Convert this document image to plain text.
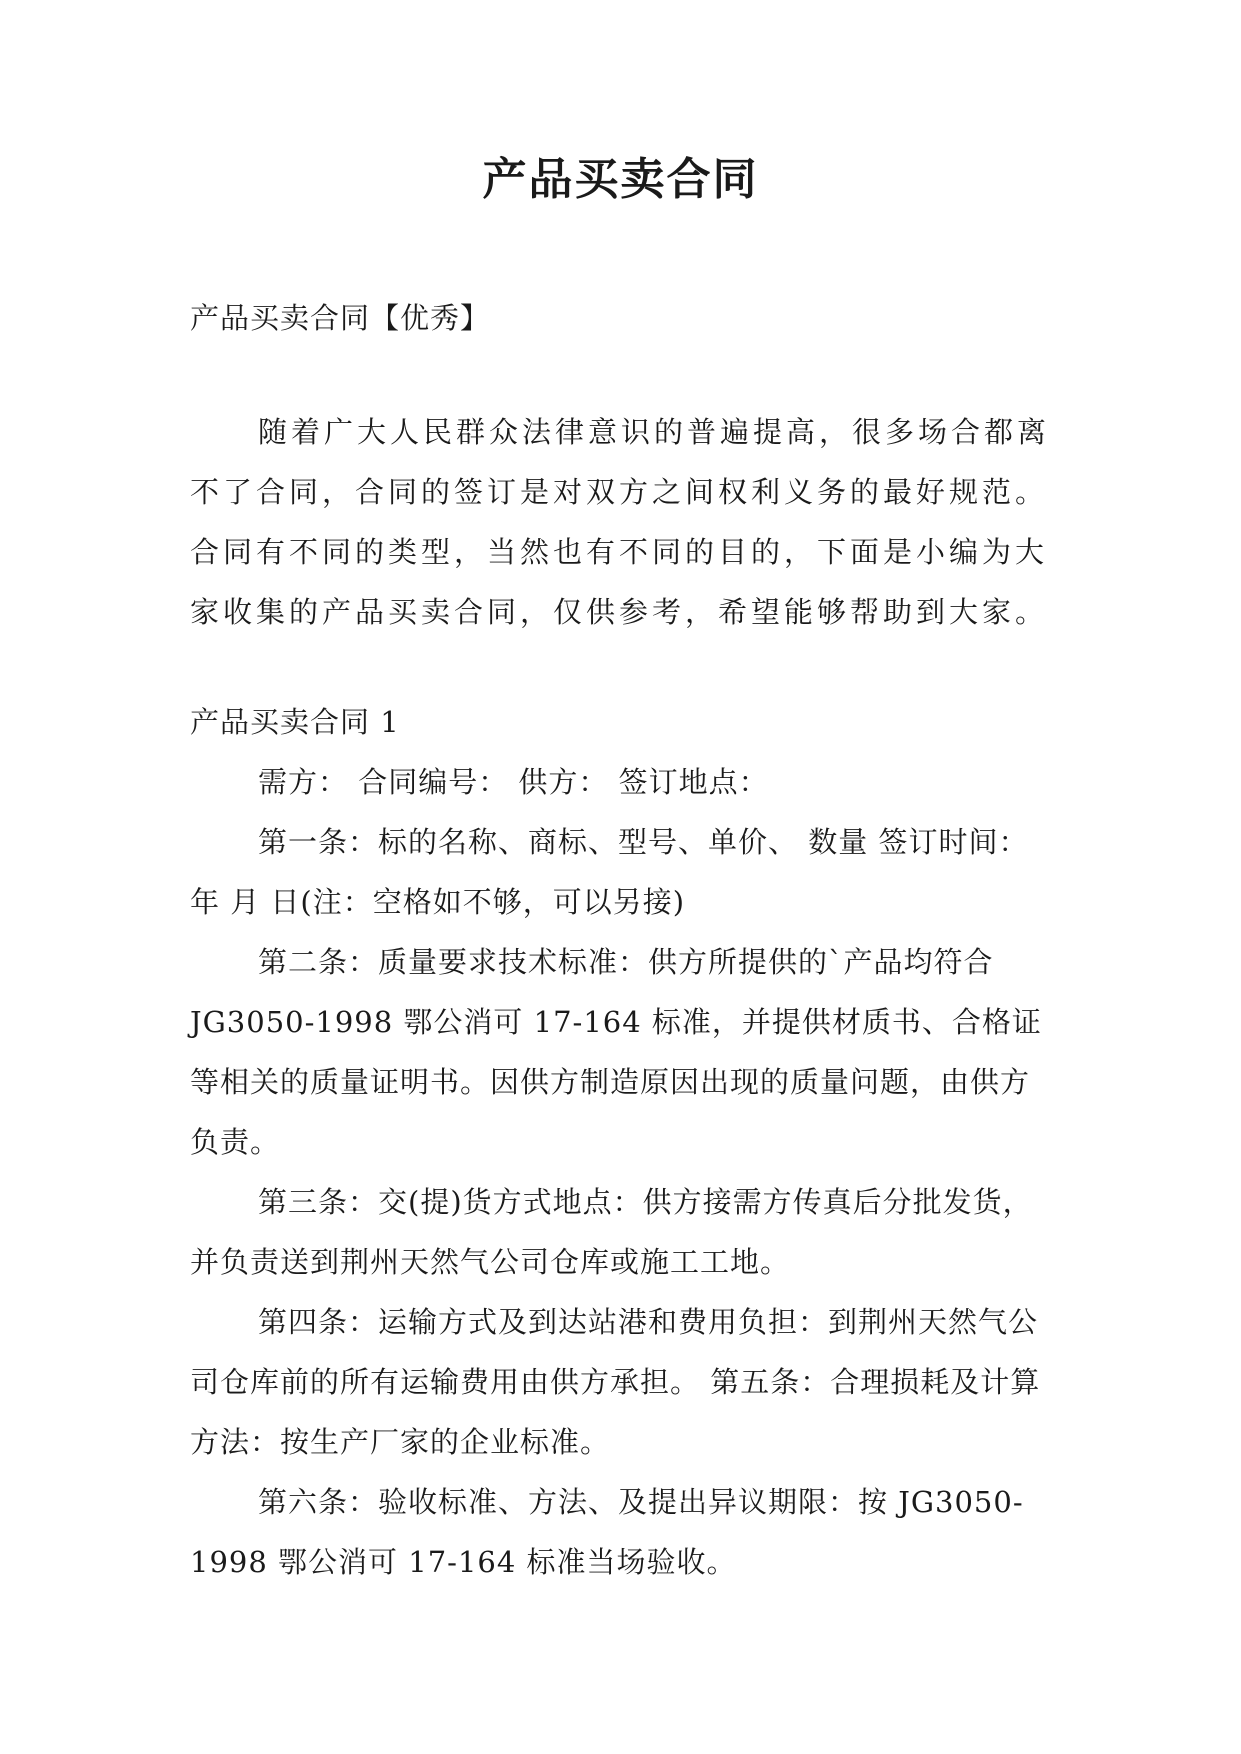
产品买卖合同
产品买卖合同【优秀】
随着广大人民群众法律意识的普遍提高，很多场合都离不了合同，合同的签订是对双方之间权利义务的最好规范。合同有不同的类型，当然也有不同的目的，下面是小编为大家收集的产品买卖合同，仅供参考，希望能够帮助到大家。
产品买卖合同 1

需方： 合同编号： 供方： 签订地点：

第一条：标的名称、商标、型号、单价、 数量 签订时间： 年 月 日(注：空格如不够，可以另接)

第二条：质量要求技术标准：供方所提供的`产品均符合 JG3050-1998 鄂公消可 17-164 标准，并提供材质书、合格证等相关的质量证明书。因供方制造原因出现的质量问题，由供方负责。

第三条：交(提)货方式地点：供方接需方传真后分批发货，并负责送到荆州天然气公司仓库或施工工地。

第四条：运输方式及到达站港和费用负担：到荆州天然气公司仓库前的所有运输费用由供方承担。 第五条：合理损耗及计算方法：按生产厂家的企业标准。

第六条：验收标准、方法、及提出异议期限：按 JG3050-1998 鄂公消可 17-164 标准当场验收。
